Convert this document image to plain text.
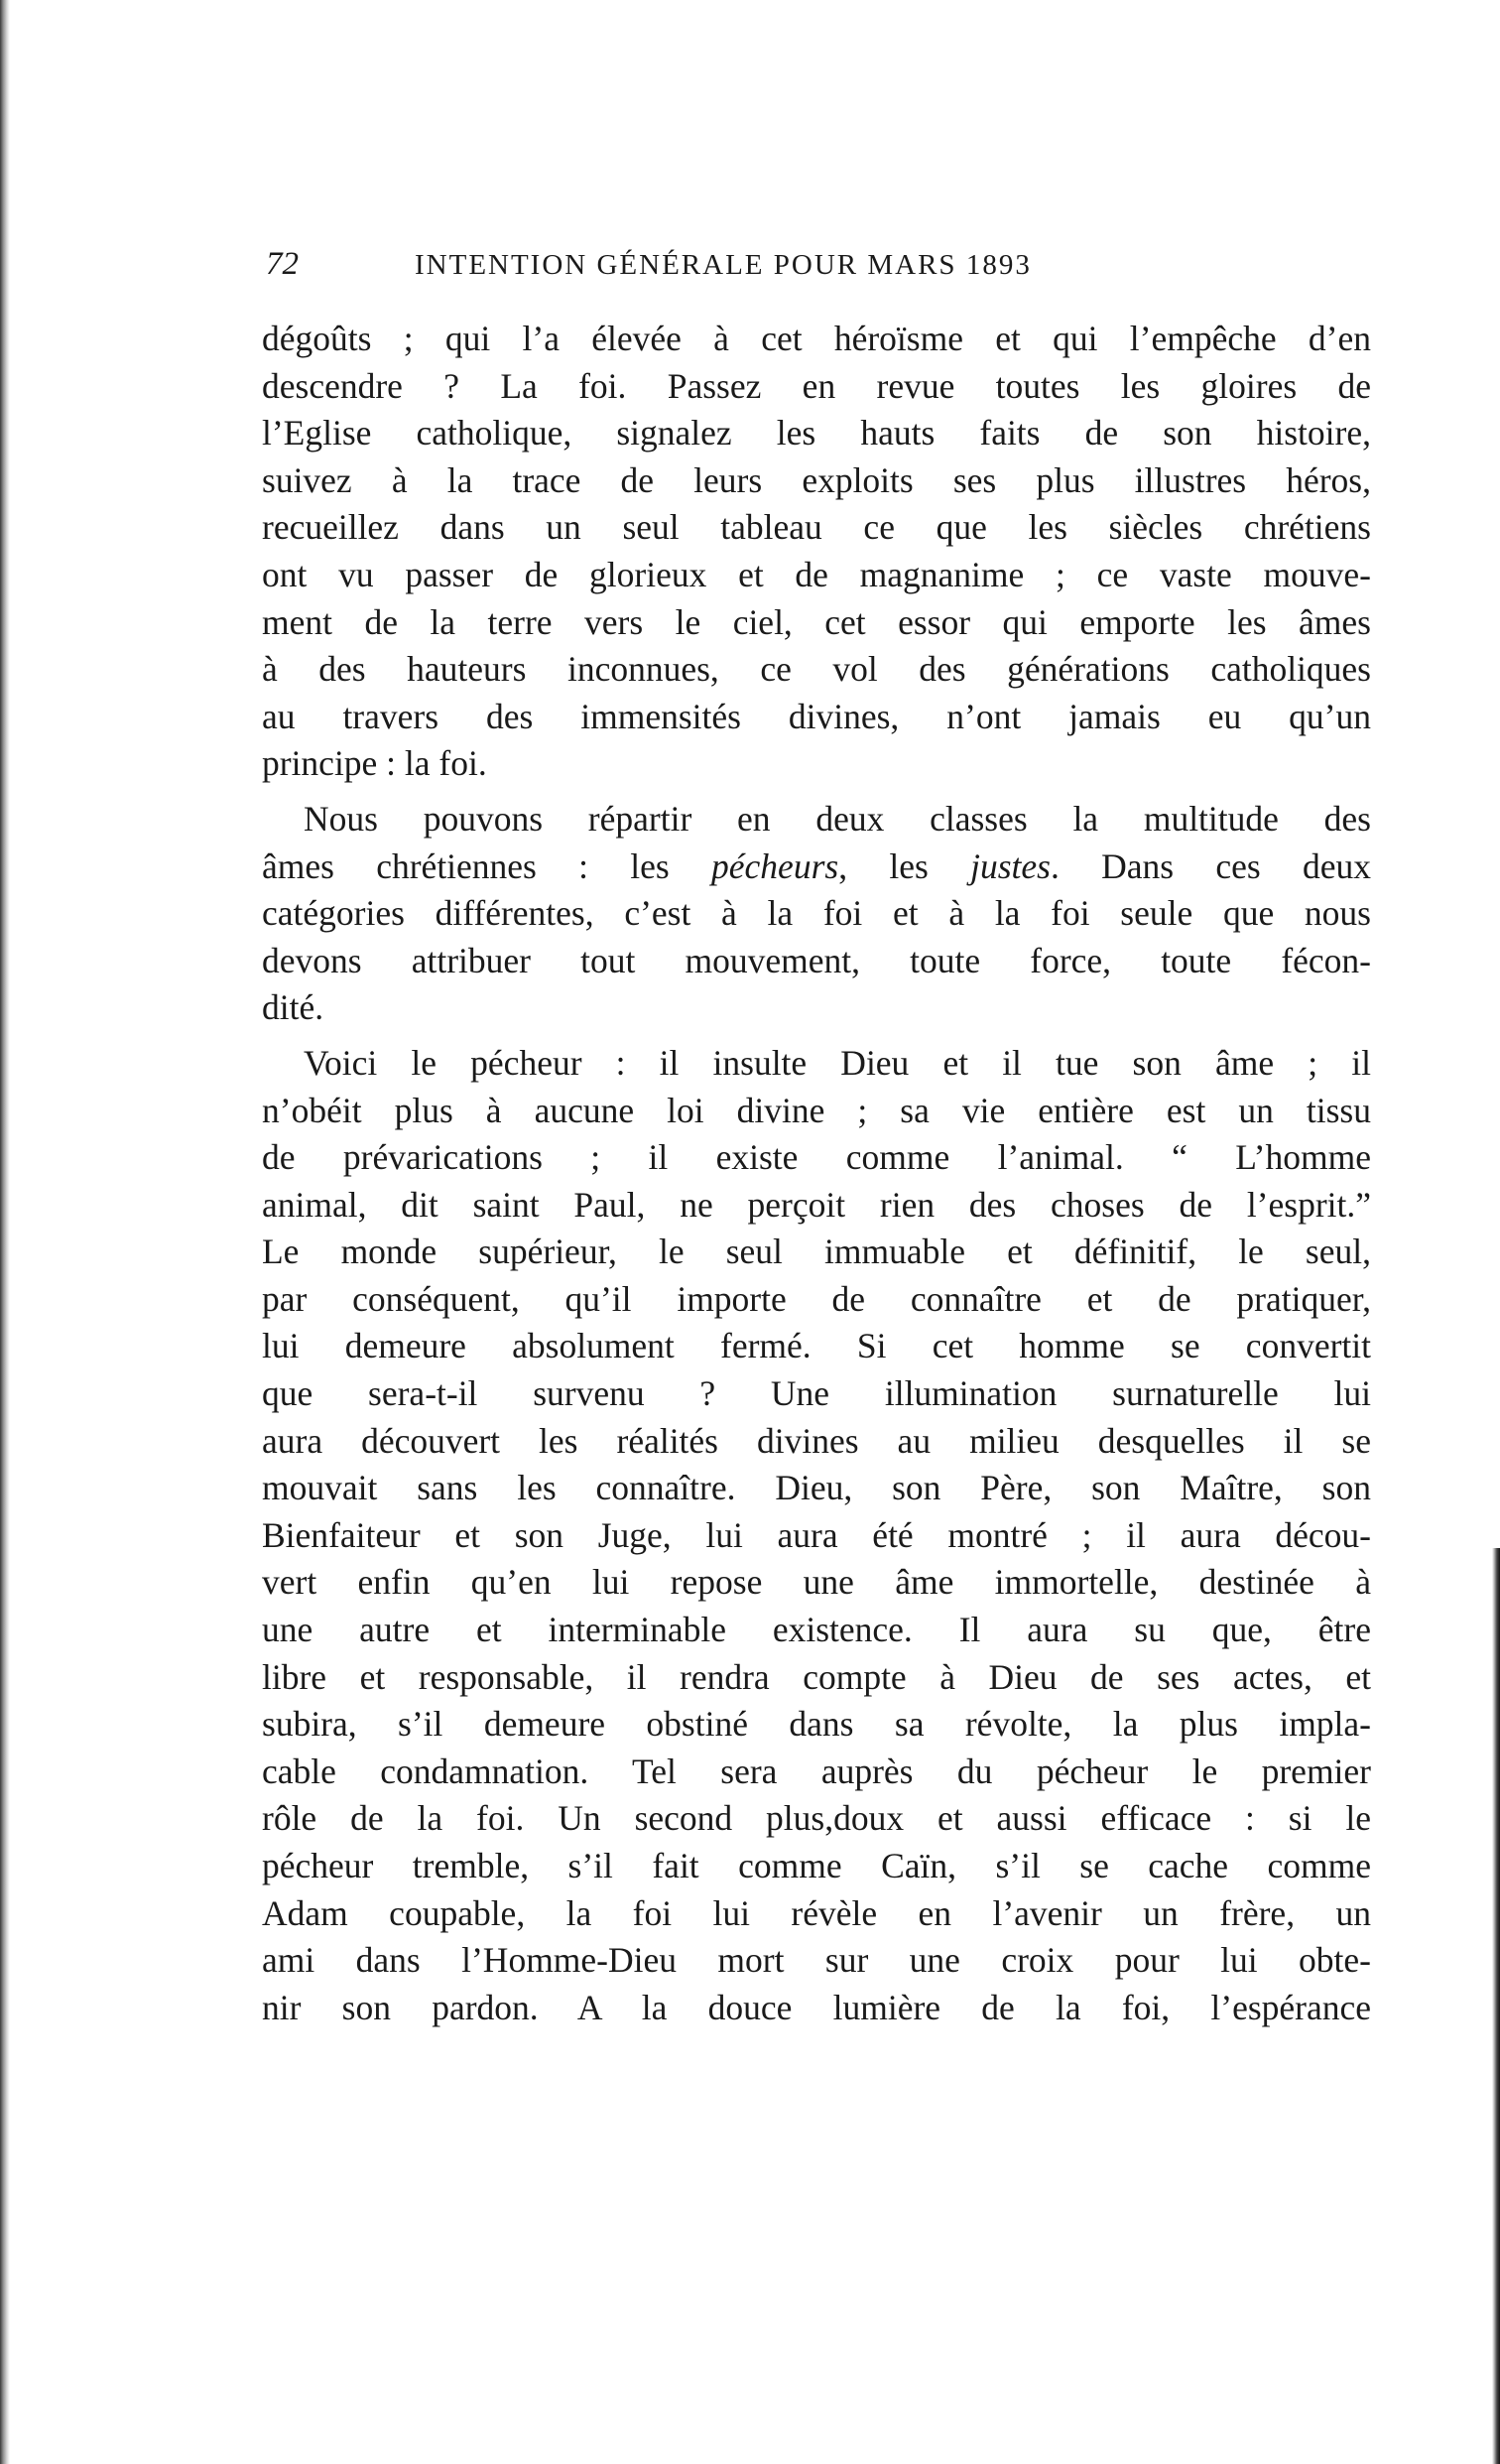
72	INTENTION GÉNÉRALE POUR MARS 1893
dégoûts ; qui l’a élevée à cet héroïsme et qui l’empêche d’en
descendre ? La foi. Passez en revue toutes les gloires de
l’Eglise catholique, signalez les hauts faits de son histoire,
suivez à la trace de leurs exploits ses plus illustres héros,
recueillez dans un seul tableau ce que les siècles chrétiens
ont vu passer de glorieux et de magnanime ; ce vaste mouve-
ment de la terre vers le ciel, cet essor qui emporte les âmes
à des hauteurs inconnues, ce vol des générations catholiques
au travers des immensités divines, n’ont jamais eu qu’un
principe : la foi.
Nous pouvons répartir en deux classes la multitude des
âmes chrétiennes : les pécheurs, les justes. Dans ces deux
catégories différentes, c’est à la foi et à la foi seule que nous
devons attribuer tout mouvement, toute force, toute fécon-
dité.
Voici le pécheur : il insulte Dieu et il tue son âme ; il
n’obéit plus à aucune loi divine ; sa vie entière est un tissu
de prévarications ; il existe comme l’animal. “ L’homme
animal, dit saint Paul, ne perçoit rien des choses de l’esprit.”
Le monde supérieur, le seul immuable et définitif, le seul,
par conséquent, qu’il importe de connaître et de pratiquer,
lui demeure absolument fermé. Si cet homme se convertit
que sera-t-il survenu ? Une illumination surnaturelle lui
aura découvert les réalités divines au milieu desquelles il se
mouvait sans les connaître. Dieu, son Père, son Maître, son
Bienfaiteur et son Juge, lui aura été montré ; il aura décou-
vert enfin qu’en lui repose une âme immortelle, destinée à
une autre et interminable existence. Il aura su que, être
libre et responsable, il rendra compte à Dieu de ses actes, et
subira, s’il demeure obstiné dans sa révolte, la plus impla-
cable condamnation. Tel sera auprès du pécheur le premier
rôle de la foi. Un second plus,doux et aussi efficace : si le
pécheur tremble, s’il fait comme Caïn, s’il se cache comme
Adam coupable, la foi lui révèle en l’avenir un frère, un
ami dans l’Homme-Dieu mort sur une croix pour lui obte-
nir son pardon. A la douce lumière de la foi, l’espérance
